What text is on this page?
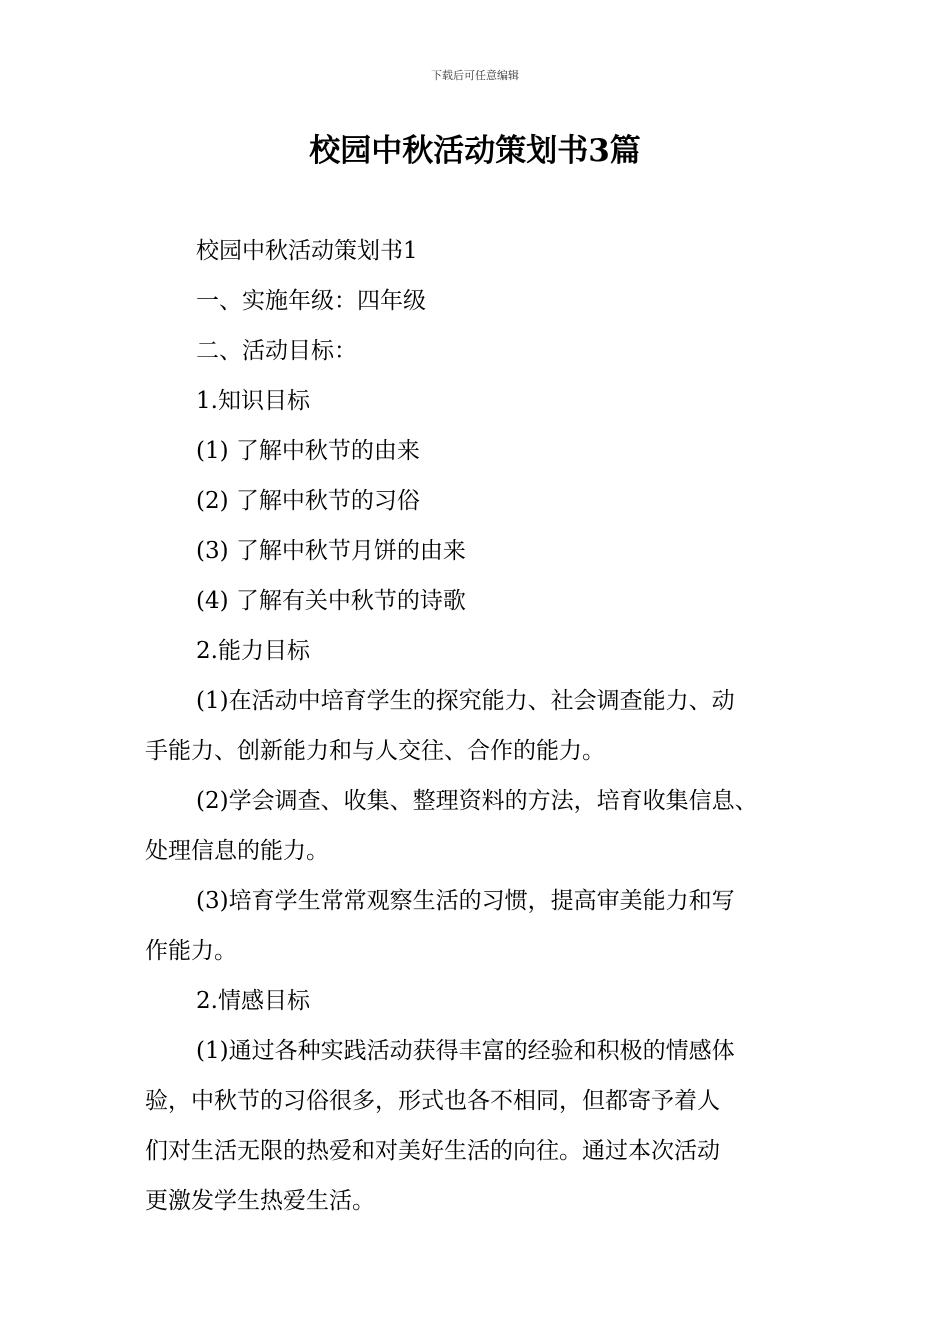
下载后可任意编辑
校园中秋活动策划书3篇
校园中秋活动策划书1
一、实施年级：四年级
二、活动目标：
1.知识目标
(1) 了解中秋节的由来
(2) 了解中秋节的习俗
(3) 了解中秋节月饼的由来
(4) 了解有关中秋节的诗歌
2.能力目标
(1)在活动中培育学生的探究能力、社会调查能力、动
手能力、创新能力和与人交往、合作的能力。
(2)学会调查、收集、整理资料的方法，培育收集信息、
处理信息的能力。
(3)培育学生常常观察生活的习惯，提高审美能力和写
作能力。
2.情感目标
(1)通过各种实践活动获得丰富的经验和积极的情感体
验，中秋节的习俗很多，形式也各不相同，但都寄予着人
们对生活无限的热爱和对美好生活的向往。通过本次活动
更激发学生热爱生活。
